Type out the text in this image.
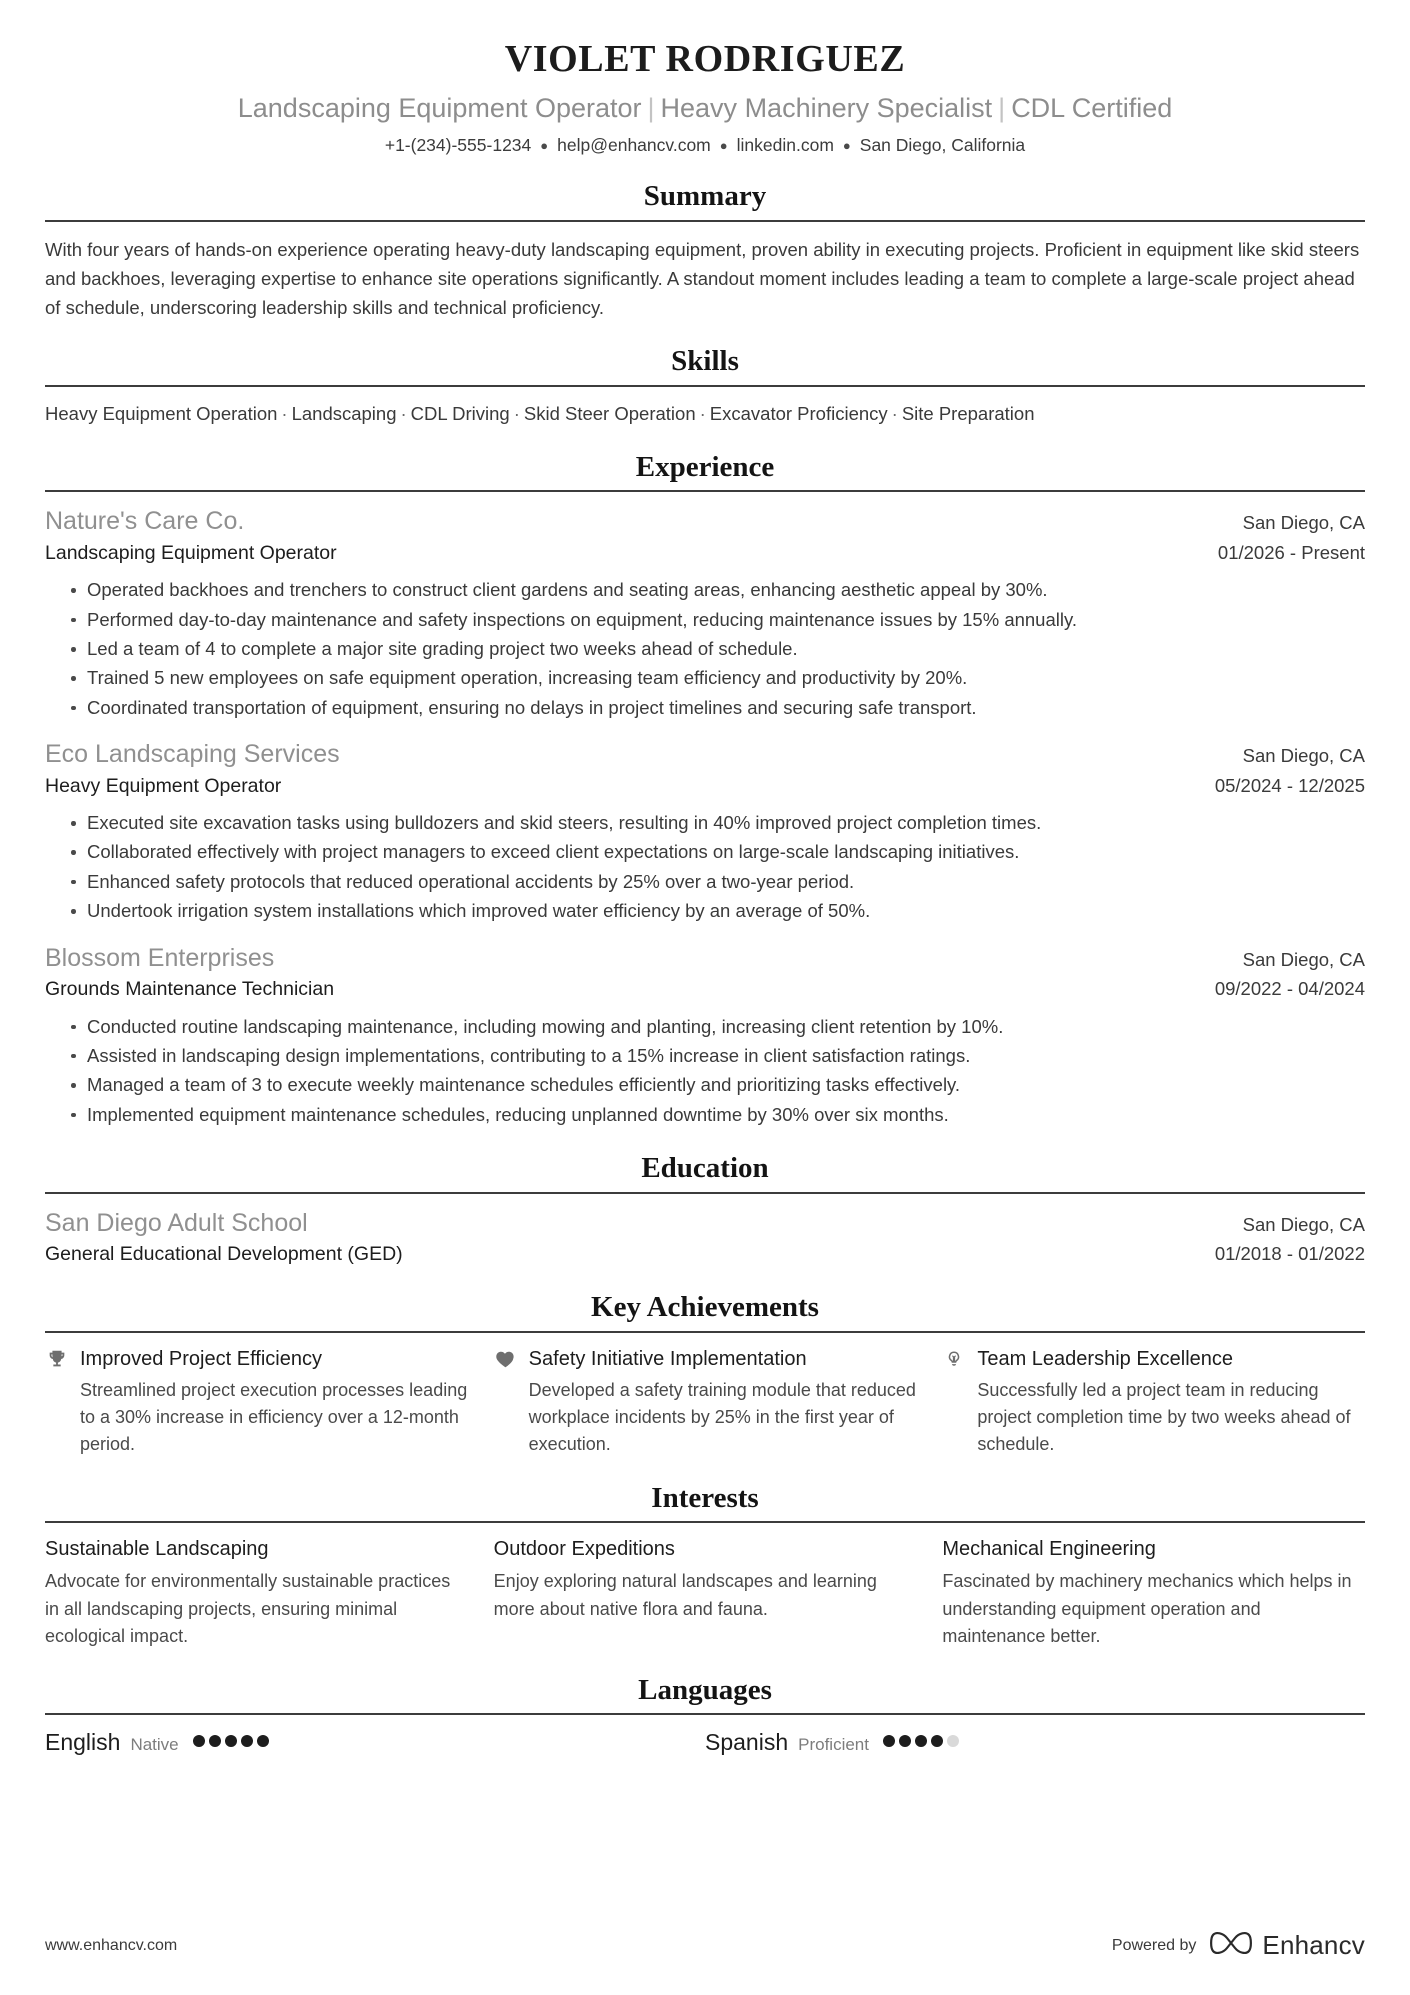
VIOLET RODRIGUEZ
Landscaping Equipment Operator | Heavy Machinery Specialist | CDL Certified
+1-(234)-555-1234 ● help@enhancv.com ● linkedin.com ● San Diego, California
Summary
With four years of hands-on experience operating heavy-duty landscaping equipment, proven ability in executing projects. Proficient in equipment like skid steers and backhoes, leveraging expertise to enhance site operations significantly. A standout moment includes leading a team to complete a large-scale project ahead of schedule, underscoring leadership skills and technical proficiency.
Skills
Heavy Equipment Operation · Landscaping · CDL Driving · Skid Steer Operation · Excavator Proficiency · Site Preparation
Experience
Nature's Care Co.	San Diego, CA
Landscaping Equipment Operator	01/2026 - Present
Operated backhoes and trenchers to construct client gardens and seating areas, enhancing aesthetic appeal by 30%.
Performed day-to-day maintenance and safety inspections on equipment, reducing maintenance issues by 15% annually.
Led a team of 4 to complete a major site grading project two weeks ahead of schedule.
Trained 5 new employees on safe equipment operation, increasing team efficiency and productivity by 20%.
Coordinated transportation of equipment, ensuring no delays in project timelines and securing safe transport.
Eco Landscaping Services	San Diego, CA
Heavy Equipment Operator	05/2024 - 12/2025
Executed site excavation tasks using bulldozers and skid steers, resulting in 40% improved project completion times.
Collaborated effectively with project managers to exceed client expectations on large-scale landscaping initiatives.
Enhanced safety protocols that reduced operational accidents by 25% over a two-year period.
Undertook irrigation system installations which improved water efficiency by an average of 50%.
Blossom Enterprises	San Diego, CA
Grounds Maintenance Technician	09/2022 - 04/2024
Conducted routine landscaping maintenance, including mowing and planting, increasing client retention by 10%.
Assisted in landscaping design implementations, contributing to a 15% increase in client satisfaction ratings.
Managed a team of 3 to execute weekly maintenance schedules efficiently and prioritizing tasks effectively.
Implemented equipment maintenance schedules, reducing unplanned downtime by 30% over six months.
Education
San Diego Adult School	San Diego, CA
General Educational Development (GED)	01/2018 - 01/2022
Key Achievements
Improved Project Efficiency
Streamlined project execution processes leading to a 30% increase in efficiency over a 12-month period.
Safety Initiative Implementation
Developed a safety training module that reduced workplace incidents by 25% in the first year of execution.
Team Leadership Excellence
Successfully led a project team in reducing project completion time by two weeks ahead of schedule.
Interests
Sustainable Landscaping
Advocate for environmentally sustainable practices in all landscaping projects, ensuring minimal ecological impact.
Outdoor Expeditions
Enjoy exploring natural landscapes and learning more about native flora and fauna.
Mechanical Engineering
Fascinated by machinery mechanics which helps in understanding equipment operation and maintenance better.
Languages
English Native	Spanish Proficient
www.enhancv.com	Powered by	Enhancv
